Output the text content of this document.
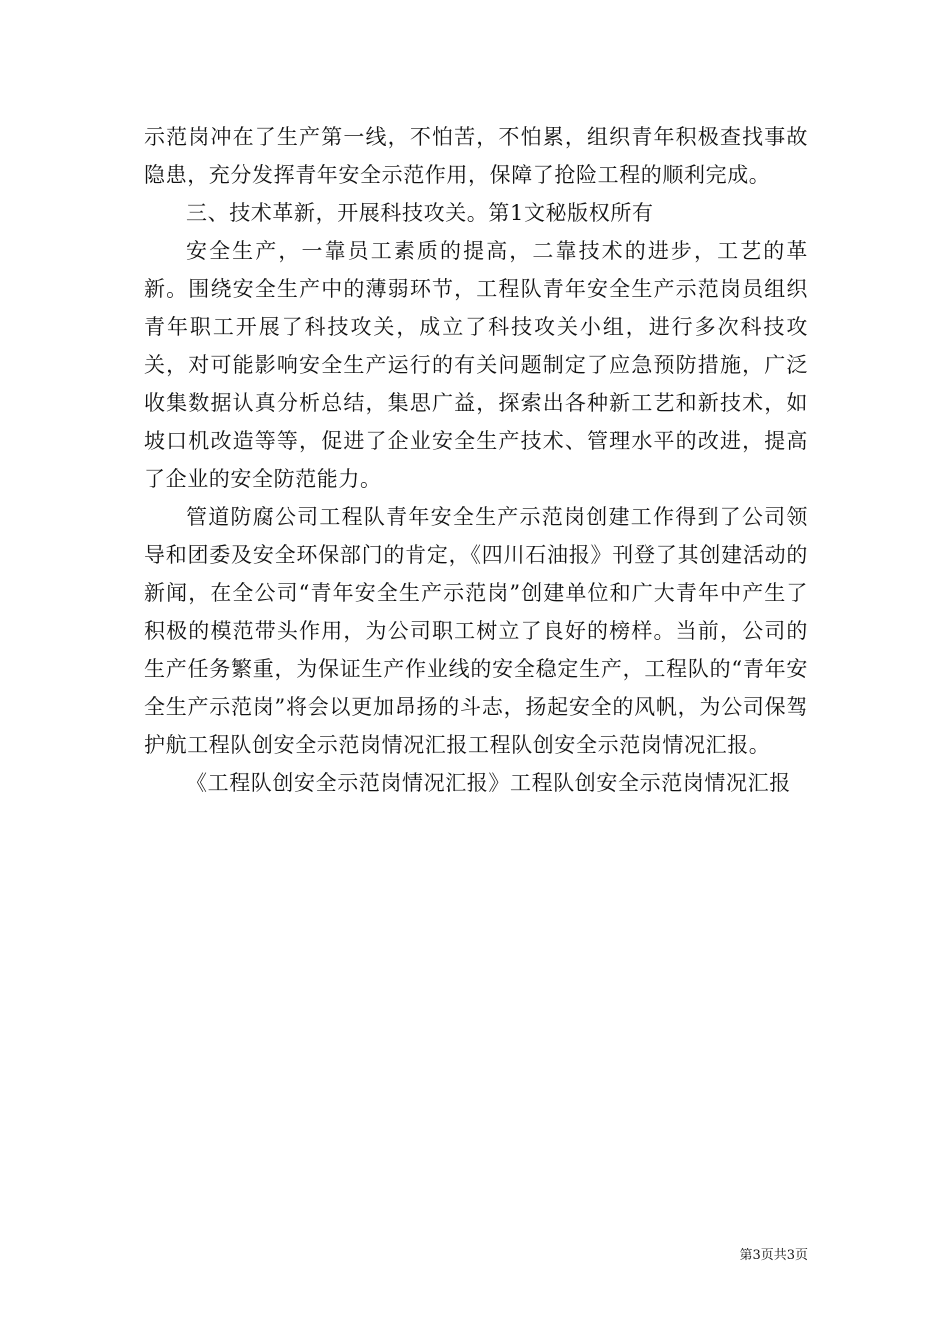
示范岗冲在了生产第一线，不怕苦，不怕累，组织青年积极查找事故隐患，充分发挥青年安全示范作用，保障了抢险工程的顺利完成。

三、技术革新，开展科技攻关。第1文秘版权所有

安全生产，一靠员工素质的提高，二靠技术的进步，工艺的革新。围绕安全生产中的薄弱环节，工程队青年安全生产示范岗员组织青年职工开展了科技攻关，成立了科技攻关小组，进行多次科技攻关，对可能影响安全生产运行的有关问题制定了应急预防措施，广泛收集数据认真分析总结，集思广益，探索出各种新工艺和新技术，如坡口机改造等等，促进了企业安全生产技术、管理水平的改进，提高了企业的安全防范能力。

管道防腐公司工程队青年安全生产示范岗创建工作得到了公司领导和团委及安全环保部门的肯定，《四川石油报》刊登了其创建活动的新闻，在全公司“青年安全生产示范岗”创建单位和广大青年中产生了积极的模范带头作用，为公司职工树立了良好的榜样。当前，公司的生产任务繁重，为保证生产作业线的安全稳定生产，工程队的“青年安全生产示范岗”将会以更加昂扬的斗志，扬起安全的风帆，为公司保驾护航工程队创安全示范岗情况汇报工程队创安全示范岗情况汇报。

《工程队创安全示范岗情况汇报》工程队创安全示范岗情况汇报

第3页共3页
